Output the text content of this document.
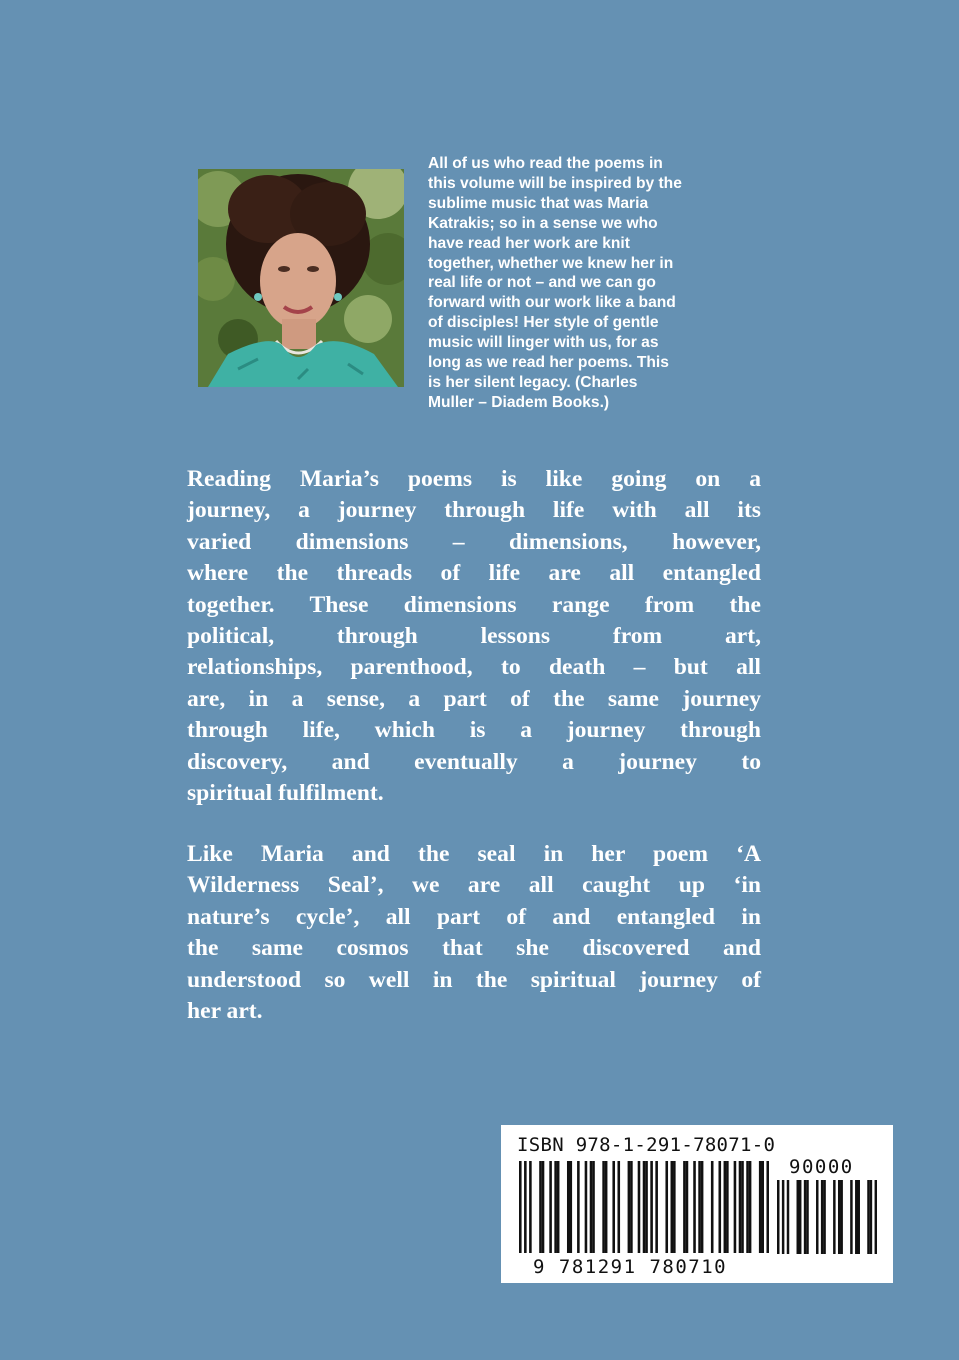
All of us who read the poems in
this volume will be inspired by the
sublime music that was Maria
Katrakis; so in a sense we who
have read her work are knit
together, whether we knew her in
real life or not – and we can go
forward with our work like a band
of disciples! Her style of gentle
music will linger with us, for as
long as we read her poems. This
is her silent legacy. (Charles
Muller – Diadem Books.)

Reading Maria’s poems is like going on a
journey, a journey through life with all its
varied dimensions – dimensions, however,
where the threads of life are all entangled
together. These dimensions range from the
political, through lessons from art,
relationships, parenthood, to death – but all
are, in a sense, a part of the same journey
through life, which is a journey through
discovery, and eventually a journey to
spiritual fulfilment.

Like Maria and the seal in her poem ‘A
Wilderness Seal’, we are all caught up ‘in
nature’s cycle’, all part of and entangled in
the same cosmos that she discovered and
understood so well in the spiritual journey of
her art.

ISBN 978-1-291-78071-0
90000
9 781291 780710
